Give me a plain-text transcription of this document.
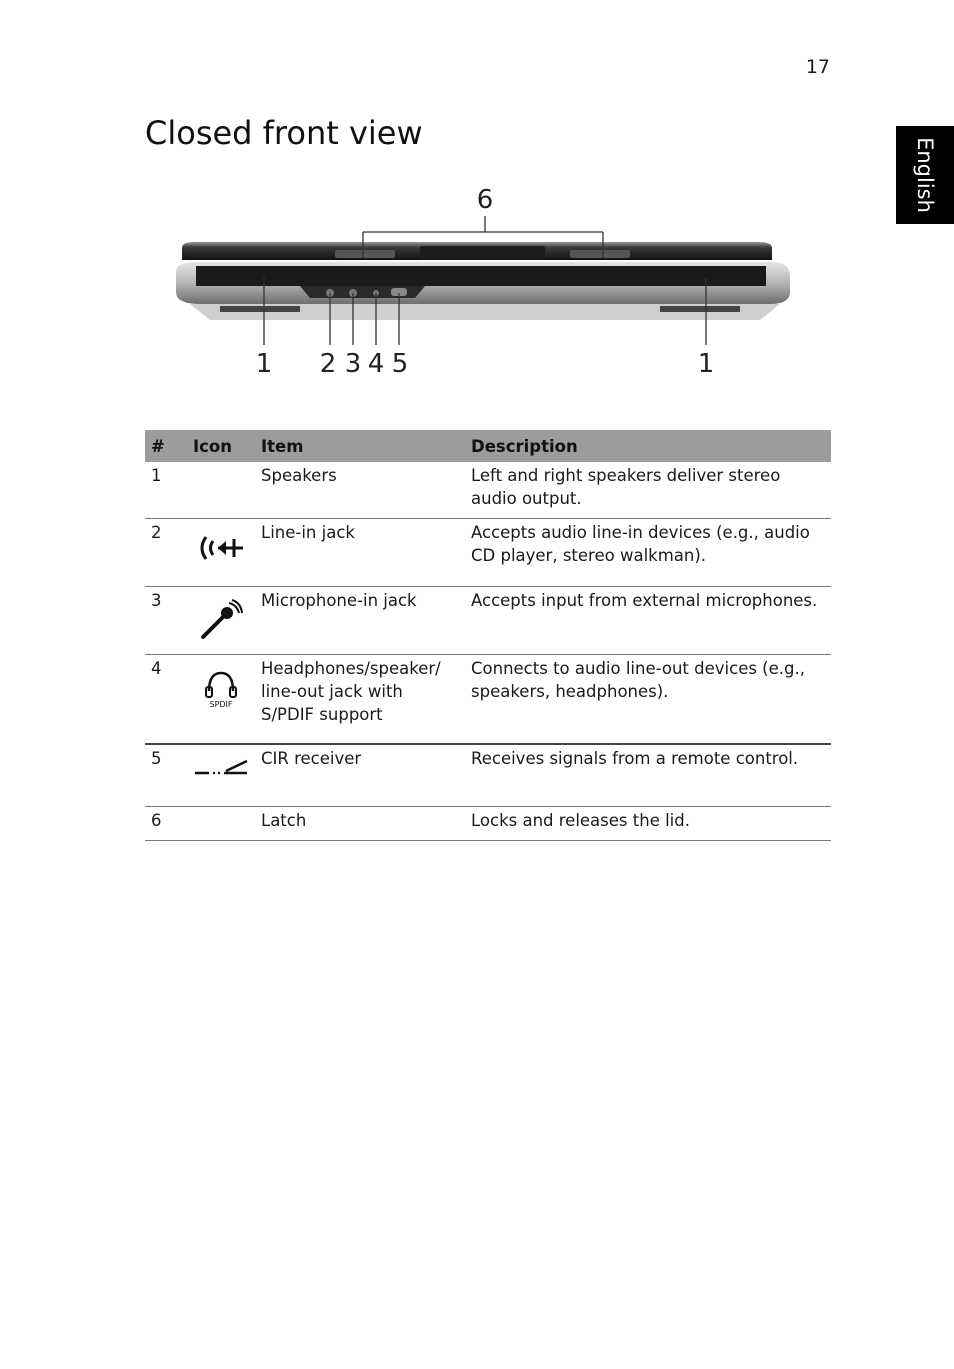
17
English
Closed front view
6
1 2 3 4 5	1
#	Icon	Item	Description
1		Speakers	Left and right speakers deliver stereo audio output.
2		Line-in jack	Accepts audio line-in devices (e.g., audio CD player, stereo walkman).
3		Microphone-in jack	Accepts input from external microphones.
4	SPDIF	Headphones/speaker/ line-out jack with S/PDIF support	Connects to audio line-out devices (e.g., speakers, headphones).
5		CIR receiver	Receives signals from a remote control.
6		Latch	Locks and releases the lid.
